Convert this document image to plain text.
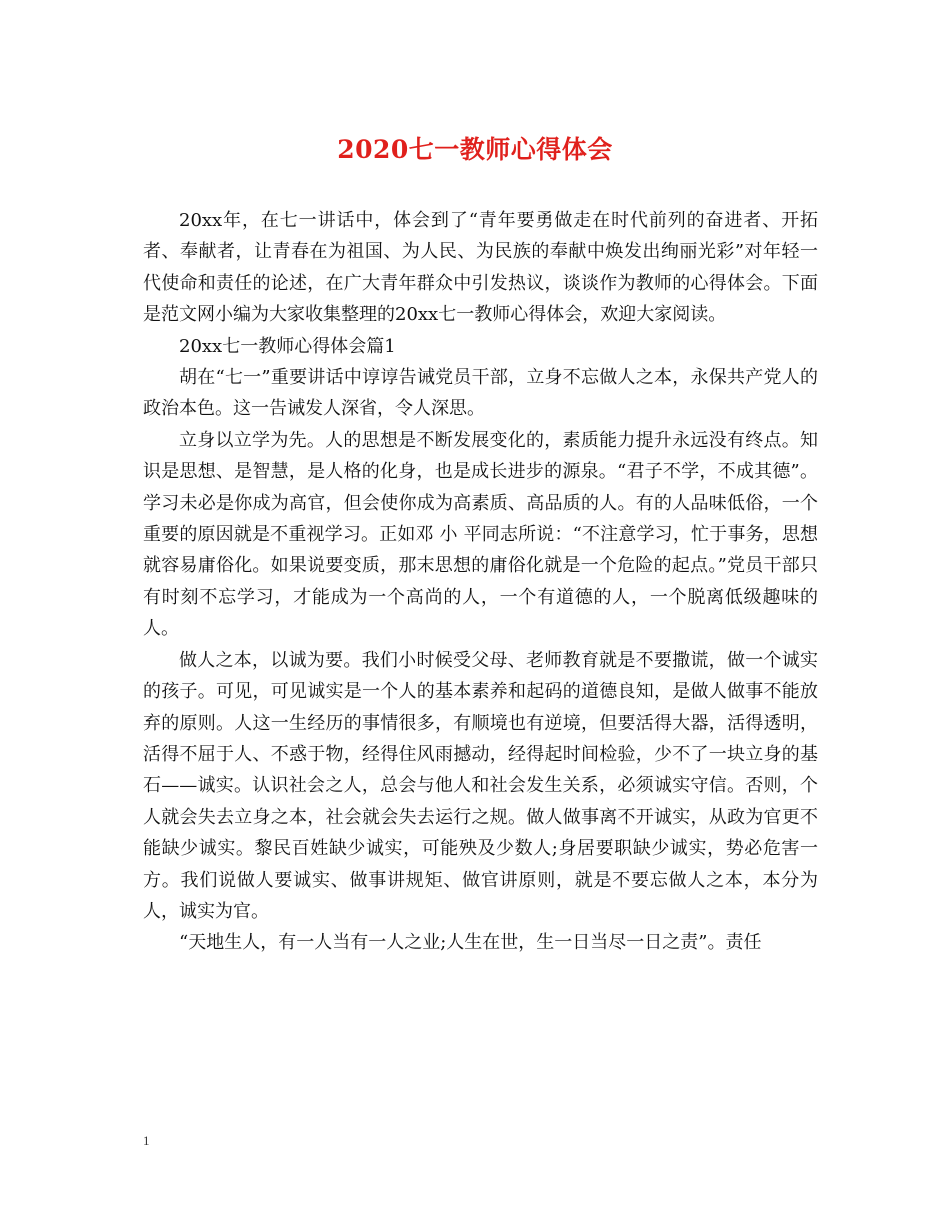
2020七一教师心得体会

20xx年，在七一讲话中，体会到了“青年要勇做走在时代前列的奋进者、开拓者、奉献者，让青春在为祖国、为人民、为民族的奉献中焕发出绚丽光彩”对年轻一代使命和责任的论述，在广大青年群众中引发热议，谈谈作为教师的心得体会。下面是范文网小编为大家收集整理的20xx七一教师心得体会，欢迎大家阅读。

20xx七一教师心得体会篇1

胡在“七一”重要讲话中谆谆告诫党员干部，立身不忘做人之本，永保共产党人的政治本色。这一告诫发人深省，令人深思。

立身以立学为先。人的思想是不断发展变化的，素质能力提升永远没有终点。知识是思想、是智慧，是人格的化身，也是成长进步的源泉。“君子不学，不成其德”。学习未必是你成为高官，但会使你成为高素质、高品质的人。有的人品味低俗，一个重要的原因就是不重视学习。正如邓 小 平同志所说：“不注意学习，忙于事务，思想就容易庸俗化。如果说要变质，那末思想的庸俗化就是一个危险的起点。”党员干部只有时刻不忘学习，才能成为一个高尚的人，一个有道德的人，一个脱离低级趣味的人。

做人之本，以诚为要。我们小时候受父母、老师教育就是不要撒谎，做一个诚实的孩子。可见，可见诚实是一个人的基本素养和起码的道德良知，是做人做事不能放弃的原则。人这一生经历的事情很多，有顺境也有逆境，但要活得大器，活得透明，活得不屈于人、不惑于物，经得住风雨撼动，经得起时间检验，少不了一块立身的基石——诚实。认识社会之人，总会与他人和社会发生关系，必须诚实守信。否则，个人就会失去立身之本，社会就会失去运行之规。做人做事离不开诚实，从政为官更不能缺少诚实。黎民百姓缺少诚实，可能殃及少数人;身居要职缺少诚实，势必危害一方。我们说做人要诚实、做事讲规矩、做官讲原则，就是不要忘做人之本，本分为人，诚实为官。

“天地生人，有一人当有一人之业;人生在世，生一日当尽一日之责”。责任

1
